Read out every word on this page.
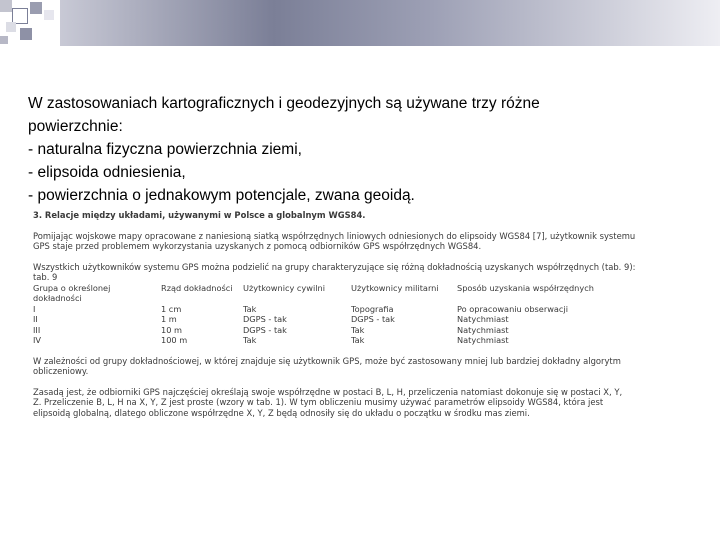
W zastosowaniach kartograficznych i geodezyjnych są używane trzy różne
powierzchnie:
- naturalna fizyczna powierzchnia ziemi,
- elipsoida odniesienia,
- powierzchnia o jednakowym potencjale, zwana geoidą.
3. Relacje między układami, używanymi w Polsce a globalnym WGS84.
Pomijając wojskowe mapy opracowane z naniesioną siatką współrzędnych liniowych odniesionych do elipsoidy WGS84 [7], użytkownik systemu
GPS staje przed problemem wykorzystania uzyskanych z pomocą odbiorników GPS współrzędnych WGS84.
Wszystkich użytkowników systemu GPS można podzielić na grupy charakteryzujące się różną dokładnością uzyskanych współrzędnych (tab. 9):
tab. 9
Grupa o określonej dokładności	Rząd dokładności	Użytkownicy cywilni	Użytkownicy militarni	Sposób uzyskania współrzędnych
I	1 cm	Tak	Topografia	Po opracowaniu obserwacji
II	1 m	DGPS - tak	DGPS - tak	Natychmiast
III	10 m	DGPS - tak	Tak	Natychmiast
IV	100 m	Tak	Tak	Natychmiast
W zależności od grupy dokładnościowej, w której znajduje się użytkownik GPS, może być zastosowany mniej lub bardziej dokładny algorytm
obliczeniowy.
Zasadą jest, że odbiorniki GPS najczęściej określają swoje współrzędne w postaci B, L, H, przeliczenia natomiast dokonuje się w postaci X, Y,
Z. Przeliczenie B, L, H na X, Y, Z jest proste (wzory w tab. 1). W tym obliczeniu musimy używać parametrów elipsoidy WGS84, która jest
elipsoidą globalną, dlatego obliczone współrzędne X, Y, Z będą odnosiły się do układu o początku w środku mas ziemi.
